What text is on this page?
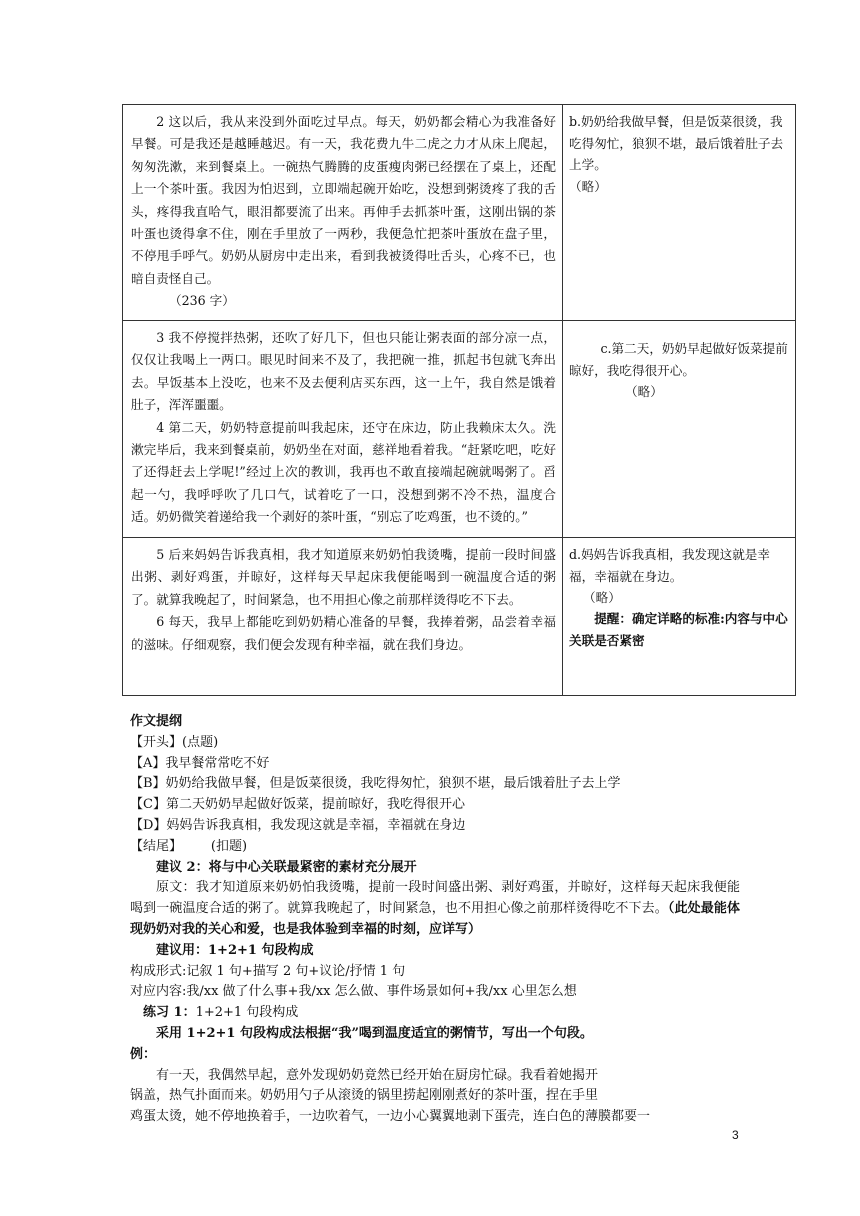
2 这以后，我从来没到外面吃过早点。每天，奶奶都会精心为我准备好早餐。可是我还是越睡越迟。有一天，我花费九牛二虎之力才从床上爬起，匆匆洗漱，来到餐桌上。一碗热气腾腾的皮蛋瘦肉粥已经摆在了桌上，还配上一个茶叶蛋。我因为怕迟到，立即端起碗开始吃，没想到粥烫疼了我的舌头，疼得我直哈气，眼泪都要流了出来。再伸手去抓茶叶蛋，这刚出锅的茶叶蛋也烫得拿不住，刚在手里放了一两秒，我便急忙把茶叶蛋放在盘子里，不停甩手呼气。奶奶从厨房中走出来，看到我被烫得吐舌头，心疼不已，也暗自责怪自己。

（236 字）

b.奶奶给我做早餐，但是饭菜很烫，我吃得匆忙，狼狈不堪，最后饿着肚子去上学。

（略）

3 我不停搅拌热粥，还吹了好几下，但也只能让粥表面的部分凉一点，仅仅让我喝上一两口。眼见时间来不及了，我把碗一推，抓起书包就飞奔出去。早饭基本上没吃，也来不及去便利店买东西，这一上午，我自然是饿着肚子，浑浑噩噩。

4 第二天，奶奶特意提前叫我起床，还守在床边，防止我赖床太久。洗漱完毕后，我来到餐桌前，奶奶坐在对面，慈祥地看着我。“赶紧吃吧，吃好了还得赶去上学呢!”经过上次的教训，我再也不敢直接端起碗就喝粥了。舀起一勺，我呼呼吹了几口气，试着吃了一口，没想到粥不冷不热，温度合适。奶奶微笑着递给我一个剥好的茶叶蛋，“别忘了吃鸡蛋，也不烫的。”

c.第二天，奶奶早起做好饭菜提前晾好，我吃得很开心。

（略）

5 后来妈妈告诉我真相，我才知道原来奶奶怕我烫嘴，提前一段时间盛出粥、剥好鸡蛋，并晾好，这样每天早起床我便能喝到一碗温度合适的粥了。就算我晚起了，时间紧急，也不用担心像之前那样烫得吃不下去。

6 每天，我早上都能吃到奶奶精心准备的早餐，我捧着粥，品尝着幸福的滋味。仔细观察，我们便会发现有种幸福，就在我们身边。

d.妈妈告诉我真相，我发现这就是幸福，幸福就在身边。

（略）

提醒：确定详略的标准:内容与中心关联是否紧密

作文提纲

【开头】(点题)

【A】我早餐常常吃不好

【B】奶奶给我做早餐，但是饭菜很烫，我吃得匆忙，狼狈不堪，最后饿着肚子去上学

【C】第二天奶奶早起做好饭菜，提前晾好，我吃得很开心

【D】妈妈告诉我真相，我发现这就是幸福，幸福就在身边

【结尾】       (扣题)

建议 2：将与中心关联最紧密的素材充分展开

原文：我才知道原来奶奶怕我烫嘴，提前一段时间盛出粥、剥好鸡蛋，并晾好，这样每天起床我便能喝到一碗温度合适的粥了。就算我晚起了，时间紧急，也不用担心像之前那样烫得吃不下去。（此处最能体现奶奶对我的关心和爱，也是我体验到幸福的时刻，应详写）

建议用：1+2+1 句段构成

构成形式:记叙 1 句+描写 2 句+议论/抒情 1 句

对应内容:我/xx 做了什么事+我/xx 怎么做、事件场景如何+我/xx 心里怎么想

练习 1：1+2+1 句段构成

采用 1+2+1 句段构成法根据“我”喝到温度适宜的粥情节，写出一个句段。

例：

有一天，我偶然早起，意外发现奶奶竟然已经开始在厨房忙碌。我看着她揭开

锅盖，热气扑面而来。奶奶用勺子从滚烫的锅里捞起刚刚煮好的茶叶蛋，捏在手里

鸡蛋太烫，她不停地换着手，一边吹着气，一边小心翼翼地剥下蛋壳，连白色的薄膜都要一

3
